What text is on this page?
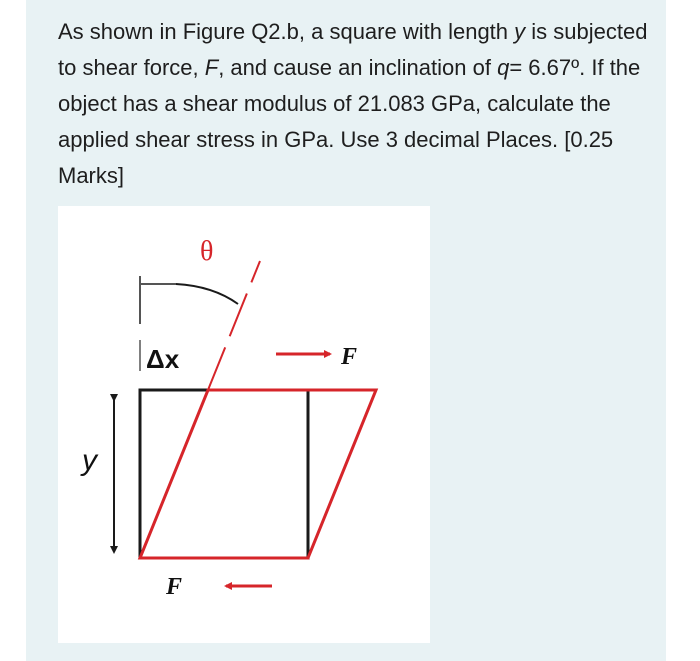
As shown in Figure Q2.b, a square with length y is subjected to shear force, F, and cause an inclination of q= 6.67º. If the object has a shear modulus of 21.083 GPa, calculate the applied shear stress in GPa. Use 3 decimal Places. [0.25 Marks]
θ
Δx	F
F
y
